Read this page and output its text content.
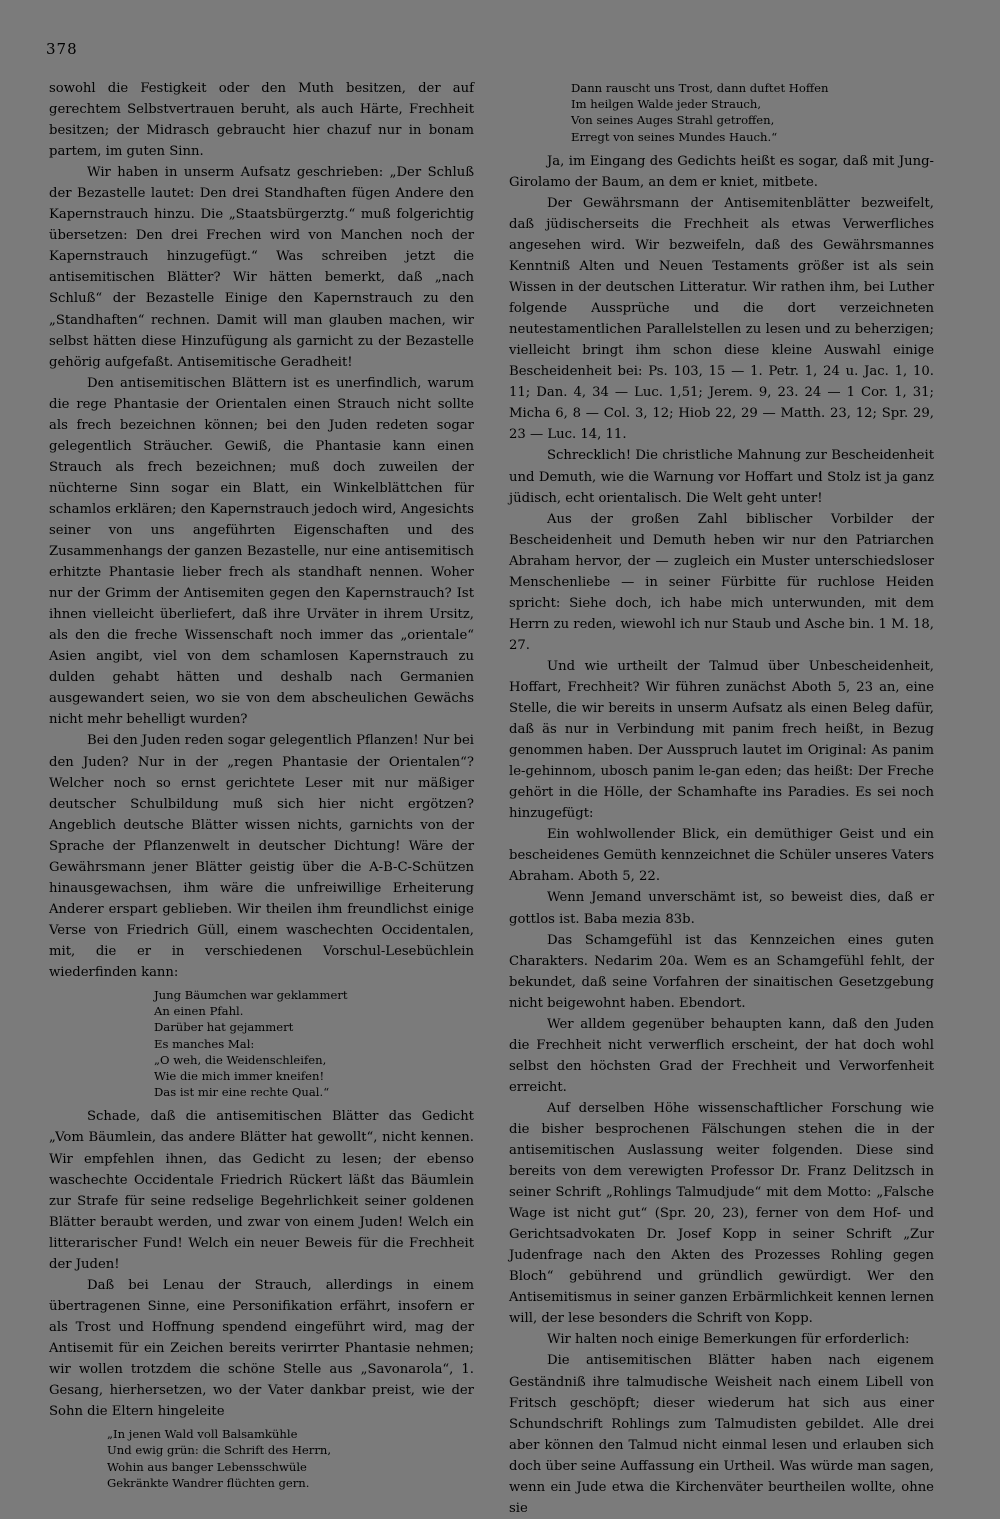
378

sowohl die Festigkeit oder den Muth besitzen, der auf gerechtem Selbstvertrauen beruht, als auch Härte, Frechheit besitzen; der Midrasch gebraucht hier chazuf nur in bonam partem, im guten Sinn.

Wir haben in unserm Aufsatz geschrieben: „Der Schluß der Bezastelle lautet: Den drei Standhaften fügen Andere den Kapernstrauch hinzu. Die „Staatsbürgerztg.“ muß folgerichtig übersetzen: Den drei Frechen wird von Manchen noch der Kapernstrauch hinzugefügt.“ Was schreiben jetzt die antisemitischen Blätter? Wir hätten bemerkt, daß „nach Schluß“ der Bezastelle Einige den Kapernstrauch zu den „Standhaften“ rechnen. Damit will man glauben machen, wir selbst hätten diese Hinzufügung als garnicht zu der Bezastelle gehörig aufgefaßt. Antisemitische Geradheit!

Den antisemitischen Blättern ist es unerfindlich, warum die rege Phantasie der Orientalen einen Strauch nicht sollte als frech bezeichnen können; bei den Juden redeten sogar gelegentlich Sträucher. Gewiß, die Phantasie kann einen Strauch als frech bezeichnen; muß doch zuweilen der nüchterne Sinn sogar ein Blatt, ein Winkelblättchen für schamlos erklären; den Kapernstrauch jedoch wird, Angesichts seiner von uns angeführten Eigenschaften und des Zusammenhangs der ganzen Bezastelle, nur eine antisemitisch erhitzte Phantasie lieber frech als standhaft nennen. Woher nur der Grimm der Antisemiten gegen den Kapernstrauch? Ist ihnen vielleicht überliefert, daß ihre Urväter in ihrem Ursitz, als den die freche Wissenschaft noch immer das „orientale“ Asien angibt, viel von dem schamlosen Kapernstrauch zu dulden gehabt hätten und deshalb nach Germanien ausgewandert seien, wo sie von dem abscheulichen Gewächs nicht mehr behelligt wurden?

Bei den Juden reden sogar gelegentlich Pflanzen! Nur bei den Juden? Nur in der „regen Phantasie der Orientalen“? Welcher noch so ernst gerichtete Leser mit nur mäßiger deutscher Schulbildung muß sich hier nicht ergötzen? Angeblich deutsche Blätter wissen nichts, garnichts von der Sprache der Pflanzenwelt in deutscher Dichtung! Wäre der Gewährsmann jener Blätter geistig über die A-B-C-Schützen hinausgewachsen, ihm wäre die unfreiwillige Erheiterung Anderer erspart geblieben. Wir theilen ihm freundlichst einige Verse von Friedrich Güll, einem waschechten Occidentalen, mit, die er in verschiedenen Vorschul-Lesebüchlein wiederfinden kann:

Jung Bäumchen war geklammert
An einen Pfahl.
Darüber hat gejammert
Es manches Mal:
„O weh, die Weidenschleifen,
Wie die mich immer kneifen!
Das ist mir eine rechte Qual.“

Schade, daß die antisemitischen Blätter das Gedicht „Vom Bäumlein, das andere Blätter hat gewollt“, nicht kennen. Wir empfehlen ihnen, das Gedicht zu lesen; der ebenso waschechte Occidentale Friedrich Rückert läßt das Bäumlein zur Strafe für seine redselige Begehrlichkeit seiner goldenen Blätter beraubt werden, und zwar von einem Juden! Welch ein litterarischer Fund! Welch ein neuer Beweis für die Frechheit der Juden!

Daß bei Lenau der Strauch, allerdings in einem übertragenen Sinne, eine Personifikation erfährt, insofern er als Trost und Hoffnung spendend eingeführt wird, mag der Antisemit für ein Zeichen bereits verirrter Phantasie nehmen; wir wollen trotzdem die schöne Stelle aus „Savonarola“, 1. Gesang, hierhersetzen, wo der Vater dankbar preist, wie der Sohn die Eltern hingeleite

„In jenen Wald voll Balsamkühle
Und ewig grün: die Schrift des Herrn,
Wohin aus banger Lebensschwüle
Gekränkte Wandrer flüchten gern.
Dann rauscht uns Trost, dann duftet Hoffen
Im heilgen Walde jeder Strauch,
Von seines Auges Strahl getroffen,
Erregt von seines Mundes Hauch.“

Ja, im Eingang des Gedichts heißt es sogar, daß mit Jung-Girolamo der Baum, an dem er kniet, mitbete.

Der Gewährsmann der Antisemitenblätter bezweifelt, daß jüdischerseits die Frechheit als etwas Verwerfliches angesehen wird. Wir bezweifeln, daß des Gewährsmannes Kenntniß Alten und Neuen Testaments größer ist als sein Wissen in der deutschen Litteratur. Wir rathen ihm, bei Luther folgende Aussprüche und die dort verzeichneten neutestamentlichen Parallelstellen zu lesen und zu beherzigen; vielleicht bringt ihm schon diese kleine Auswahl einige Bescheidenheit bei: Ps. 103, 15 — 1. Petr. 1, 24 u. Jac. 1, 10. 11; Dan. 4, 34 — Luc. 1,51; Jerem. 9, 23. 24 — 1 Cor. 1, 31; Micha 6, 8 — Col. 3, 12; Hiob 22, 29 — Matth. 23, 12; Spr. 29, 23 — Luc. 14, 11.

Schrecklich! Die christliche Mahnung zur Bescheidenheit und Demuth, wie die Warnung vor Hoffart und Stolz ist ja ganz jüdisch, echt orientalisch. Die Welt geht unter!

Aus der großen Zahl biblischer Vorbilder der Bescheidenheit und Demuth heben wir nur den Patriarchen Abraham hervor, der — zugleich ein Muster unterschiedsloser Menschenliebe — in seiner Fürbitte für ruchlose Heiden spricht: Siehe doch, ich habe mich unterwunden, mit dem Herrn zu reden, wiewohl ich nur Staub und Asche bin. 1 M. 18, 27.

Und wie urtheilt der Talmud über Unbescheidenheit, Hoffart, Frechheit? Wir führen zunächst Aboth 5, 23 an, eine Stelle, die wir bereits in unserm Aufsatz als einen Beleg dafür, daß äs nur in Verbindung mit panim frech heißt, in Bezug genommen haben. Der Ausspruch lautet im Original: As panim le-gehinnom, ubosch panim le-gan eden; das heißt: Der Freche gehört in die Hölle, der Schamhafte ins Paradies. Es sei noch hinzugefügt:

Ein wohlwollender Blick, ein demüthiger Geist und ein bescheidenes Gemüth kennzeichnet die Schüler unseres Vaters Abraham. Aboth 5, 22.

Wenn Jemand unverschämt ist, so beweist dies, daß er gottlos ist. Baba mezia 83b.

Das Schamgefühl ist das Kennzeichen eines guten Charakters. Nedarim 20a. Wem es an Schamgefühl fehlt, der bekundet, daß seine Vorfahren der sinaitischen Gesetzgebung nicht beigewohnt haben. Ebendort.

Wer alldem gegenüber behaupten kann, daß den Juden die Frechheit nicht verwerflich erscheint, der hat doch wohl selbst den höchsten Grad der Frechheit und Verworfenheit erreicht.

Auf derselben Höhe wissenschaftlicher Forschung wie die bisher besprochenen Fälschungen stehen die in der antisemitischen Auslassung weiter folgenden. Diese sind bereits von dem verewigten Professor Dr. Franz Delitzsch in seiner Schrift „Rohlings Talmudjude“ mit dem Motto: „Falsche Wage ist nicht gut“ (Spr. 20, 23), ferner von dem Hof- und Gerichtsadvokaten Dr. Josef Kopp in seiner Schrift „Zur Judenfrage nach den Akten des Prozesses Rohling gegen Bloch“ gebührend und gründlich gewürdigt. Wer den Antisemitismus in seiner ganzen Erbärmlichkeit kennen lernen will, der lese besonders die Schrift von Kopp.

Wir halten noch einige Bemerkungen für erforderlich:

Die antisemitischen Blätter haben nach eigenem Geständniß ihre talmudische Weisheit nach einem Libell von Fritsch geschöpft; dieser wiederum hat sich aus einer Schundschrift Rohlings zum Talmudisten gebildet. Alle drei aber können den Talmud nicht einmal lesen und erlauben sich doch über seine Auffassung ein Urtheil. Was würde man sagen, wenn ein Jude etwa die Kirchenväter beurtheilen wollte, ohne sie
